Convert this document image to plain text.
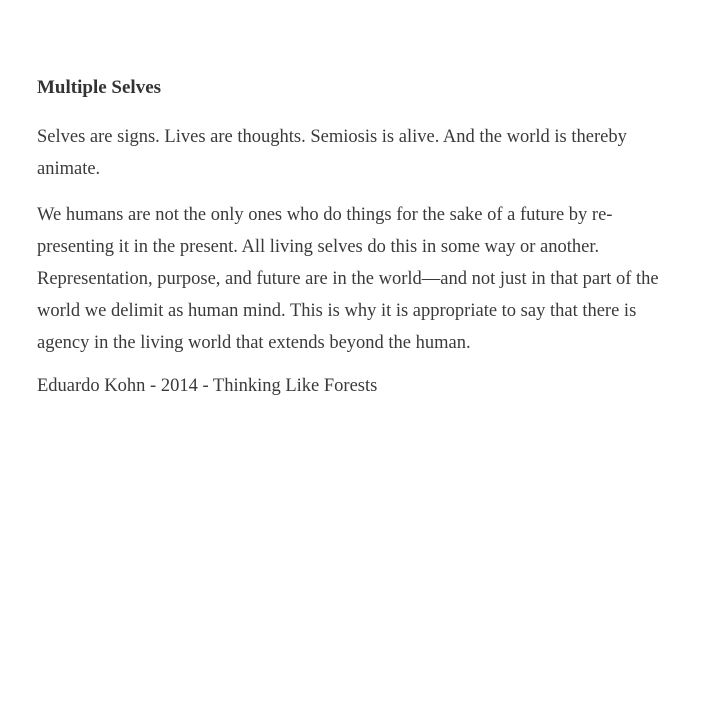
Multiple Selves

Selves are signs. Lives are thoughts. Semiosis is alive. And the world is thereby animate.

We humans are not the only ones who do things for the sake of a future by re-presenting it in the present. All living selves do this in some way or another. Representation, purpose, and future are in the world—and not just in that part of the world we delimit as human mind. This is why it is appropriate to say that there is agency in the living world that extends beyond the human.

Eduardo Kohn - 2014 - Thinking Like Forests
